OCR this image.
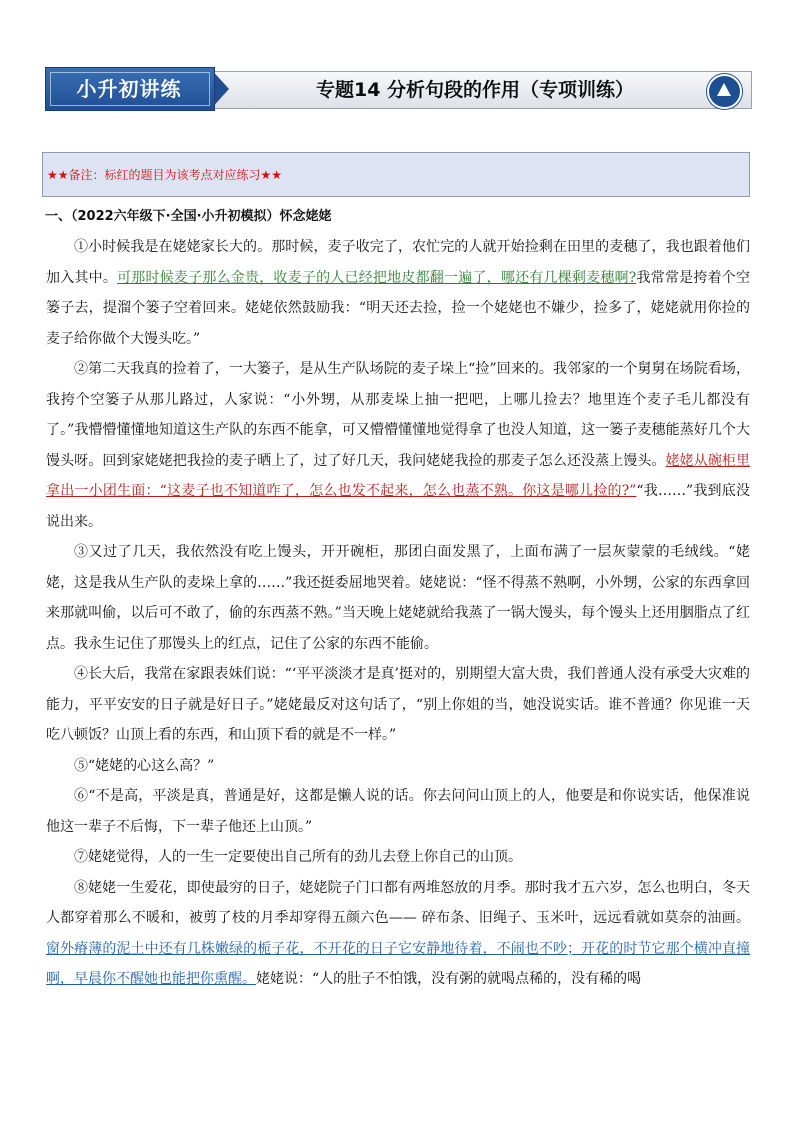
小升初讲练	专题14 分析句段的作用（专项训练）
★★备注：标红的题目为该考点对应练习★★
一、（2022六年级下·全国·小升初模拟）怀念姥姥

①小时候我是在姥姥家长大的。那时候，麦子收完了，农忙完的人就开始捡剩在田里的麦穗了，我也跟着他们加入其中。可那时候麦子那么金贵，收麦子的人已经把地皮都翻一遍了，哪还有几棵剩麦穗啊?我常常是挎着个空篓子去，提溜个篓子空着回来。姥姥依然鼓励我：“明天还去捡，捡一个姥姥也不嫌少，捡多了，姥姥就用你捡的麦子给你做个大馒头吃。”

②第二天我真的捡着了，一大篓子，是从生产队场院的麦子垛上“捡”回来的。我邻家的一个舅舅在场院看场，我挎个空篓子从那儿路过，人家说：“小外甥，从那麦垛上抽一把吧，上哪儿捡去？地里连个麦子毛儿都没有了。”我懵懵懂懂地知道这生产队的东西不能拿，可又懵懵懂懂地觉得拿了也没人知道，这一篓子麦穗能蒸好几个大馒头呀。回到家姥姥把我捡的麦子晒上了，过了好几天，我问姥姥我捡的那麦子怎么还没蒸上馒头。姥姥从碗柜里拿出一小团生面：“这麦子也不知道咋了，怎么也发不起来，怎么也蒸不熟。你这是哪儿捡的?”“我……”我到底没说出来。

③又过了几天，我依然没有吃上馒头，开开碗柜，那团白面发黑了，上面布满了一层灰蒙蒙的毛绒线。“姥姥，这是我从生产队的麦垛上拿的……”我还挺委屈地哭着。姥姥说：“怪不得蒸不熟啊，小外甥，公家的东西拿回来那就叫偷，以后可不敢了，偷的东西蒸不熟。”当天晚上姥姥就给我蒸了一锅大馒头，每个馒头上还用胭脂点了红点。我永生记住了那馒头上的红点，记住了公家的东西不能偷。

④长大后，我常在家跟表妹们说：“‘平平淡淡才是真’挺对的，别期望大富大贵，我们普通人没有承受大灾难的能力，平平安安的日子就是好日子。”姥姥最反对这句话了，“别上你姐的当，她没说实话。谁不普通？你见谁一天吃八顿饭？山顶上看的东西，和山顶下看的就是不一样。”

⑤“姥姥的心这么高？”

⑥“不是高，平淡是真，普通是好，这都是懒人说的话。你去问问山顶上的人，他要是和你说实话，他保准说他这一辈子不后悔，下一辈子他还上山顶。”

⑦姥姥觉得，人的一生一定要使出自己所有的劲儿去登上你自己的山顶。

⑧姥姥一生爱花，即使最穷的日子，姥姥院子门口都有两堆怒放的月季。那时我才五六岁，怎么也明白，冬天人都穿着那么不暖和，被剪了枝的月季却穿得五颜六色—— 碎布条、旧绳子、玉米叶，远远看就如莫奈的油画。窗外瘠薄的泥土中还有几株嫩绿的栀子花，不开花的日子它安静地待着，不闹也不吵；开花的时节它那个横冲直撞啊，早晨你不醒她也能把你熏醒。姥姥说：“人的肚子不怕饿，没有粥的就喝点稀的，没有稀的喝
